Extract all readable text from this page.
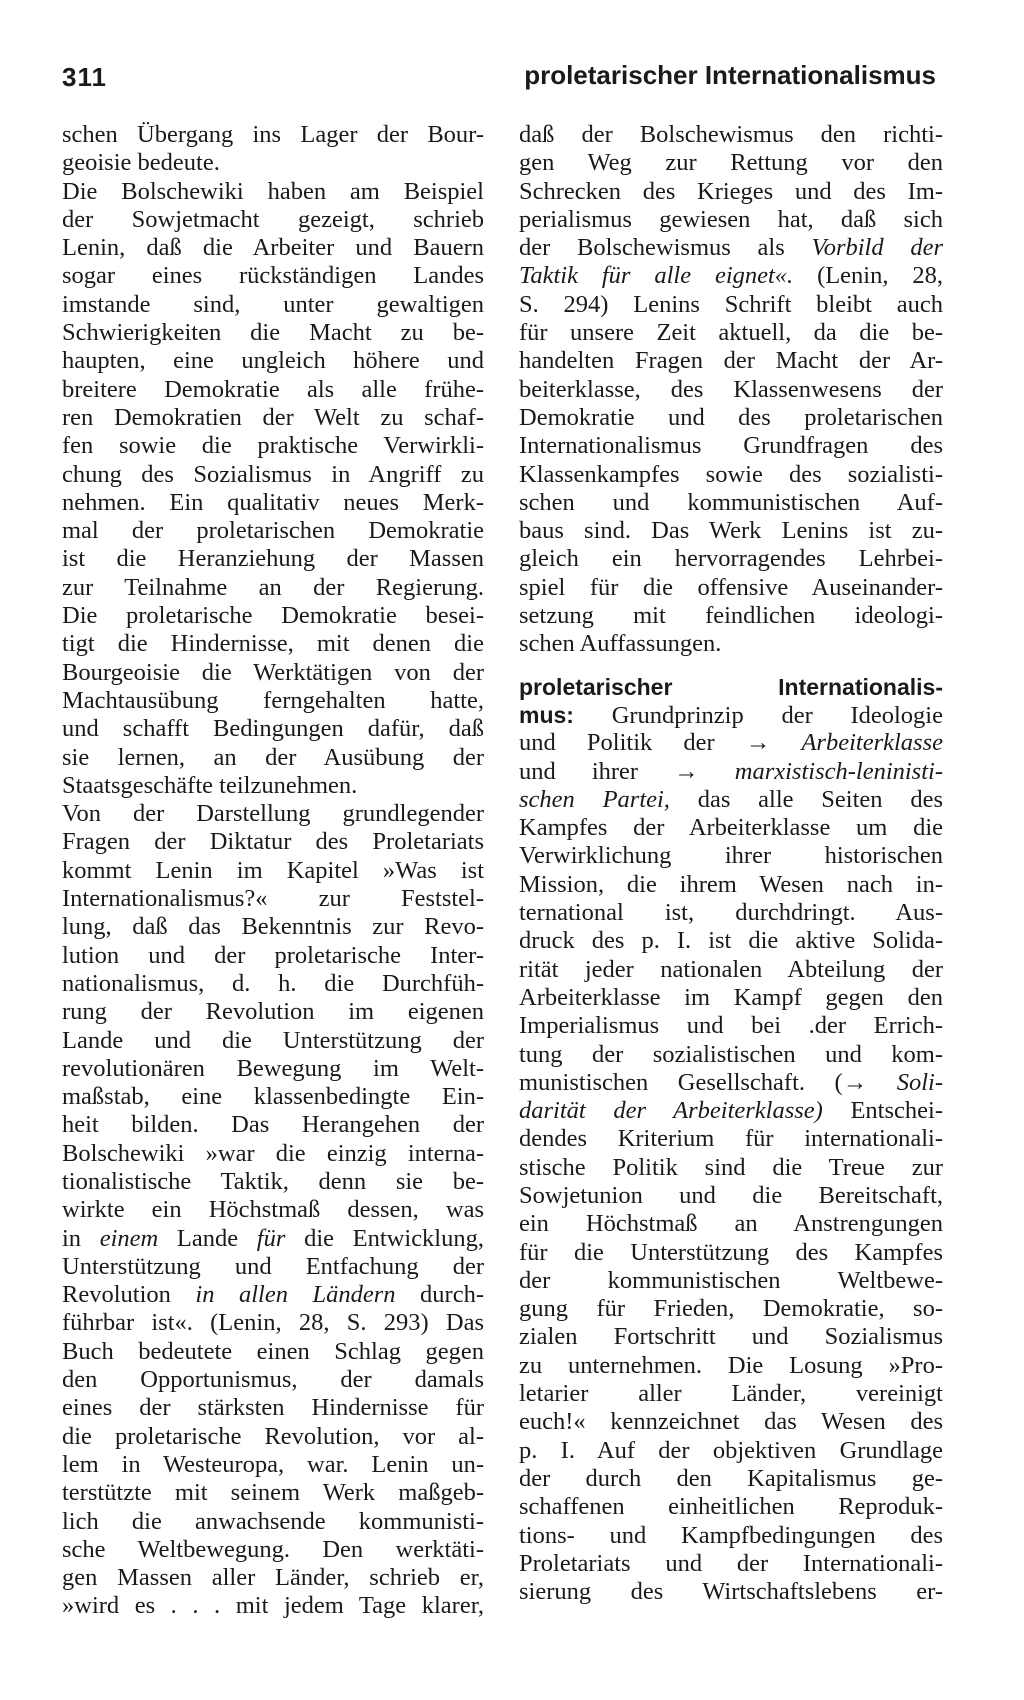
311	proletarischer Internationalismus
schen Übergang ins Lager der Bour-
geoisie bedeute.
Die Bolschewiki haben am Beispiel
der Sowjetmacht gezeigt, schrieb
Lenin, daß die Arbeiter und Bauern
sogar eines rückständigen Landes
imstande sind, unter gewaltigen
Schwierigkeiten die Macht zu be-
haupten, eine ungleich höhere und
breitere Demokratie als alle frühe-
ren Demokratien der Welt zu schaf-
fen sowie die praktische Verwirkli-
chung des Sozialismus in Angriff zu
nehmen. Ein qualitativ neues Merk-
mal der proletarischen Demokratie
ist die Heranziehung der Massen
zur Teilnahme an der Regierung.
Die proletarische Demokratie besei-
tigt die Hindernisse, mit denen die
Bourgeoisie die Werktätigen von der
Machtausübung ferngehalten hatte,
und schafft Bedingungen dafür, daß
sie lernen, an der Ausübung der
Staatsgeschäfte teilzunehmen.
Von der Darstellung grundlegender
Fragen der Diktatur des Proletariats
kommt Lenin im Kapitel »Was ist
Internationalismus?« zur Feststel-
lung, daß das Bekenntnis zur Revo-
lution und der proletarische Inter-
nationalismus, d. h. die Durchfüh-
rung der Revolution im eigenen
Lande und die Unterstützung der
revolutionären Bewegung im Welt-
maßstab, eine klassenbedingte Ein-
heit bilden. Das Herangehen der
Bolschewiki »war die einzig interna-
tionalistische Taktik, denn sie be-
wirkte ein Höchstmaß dessen, was
in einem Lande für die Entwicklung,
Unterstützung und Entfachung der
Revolution in allen Ländern durch-
führbar ist«. (Lenin, 28, S. 293) Das
Buch bedeutete einen Schlag gegen
den Opportunismus, der damals
eines der stärksten Hindernisse für
die proletarische Revolution, vor al-
lem in Westeuropa, war. Lenin un-
terstützte mit seinem Werk maßgeb-
lich die anwachsende kommunisti-
sche Weltbewegung. Den werktäti-
gen Massen aller Länder, schrieb er,
»wird es . . . mit jedem Tage klarer,
daß der Bolschewismus den richti-
gen Weg zur Rettung vor den
Schrecken des Krieges und des Im-
perialismus gewiesen hat, daß sich
der Bolschewismus als Vorbild der
Taktik für alle eignet«. (Lenin, 28,
S. 294) Lenins Schrift bleibt auch
für unsere Zeit aktuell, da die be-
handelten Fragen der Macht der Ar-
beiterklasse, des Klassenwesens der
Demokratie und des proletarischen
Internationalismus Grundfragen des
Klassenkampfes sowie des sozialisti-
schen und kommunistischen Auf-
baus sind. Das Werk Lenins ist zu-
gleich ein hervorragendes Lehrbei-
spiel für die offensive Auseinander-
setzung mit feindlichen ideologi-
schen Auffassungen.
proletarischer Internationalis-
mus: Grundprinzip der Ideologie
und Politik der → Arbeiterklasse
und ihrer → marxistisch-leninisti-
schen Partei, das alle Seiten des
Kampfes der Arbeiterklasse um die
Verwirklichung ihrer historischen
Mission, die ihrem Wesen nach in-
ternational ist, durchdringt. Aus-
druck des p. I. ist die aktive Solida-
rität jeder nationalen Abteilung der
Arbeiterklasse im Kampf gegen den
Imperialismus und bei .der Errich-
tung der sozialistischen und kom-
munistischen Gesellschaft. (→ Soli-
darität der Arbeiterklasse) Entschei-
dendes Kriterium für internationali-
stische Politik sind die Treue zur
Sowjetunion und die Bereitschaft,
ein Höchstmaß an Anstrengungen
für die Unterstützung des Kampfes
der kommunistischen Weltbewe-
gung für Frieden, Demokratie, so-
zialen Fortschritt und Sozialismus
zu unternehmen. Die Losung »Pro-
letarier aller Länder, vereinigt
euch!« kennzeichnet das Wesen des
p. I. Auf der objektiven Grundlage
der durch den Kapitalismus ge-
schaffenen einheitlichen Reproduk-
tions- und Kampfbedingungen des
Proletariats und der Internationali-
sierung des Wirtschaftslebens er-
